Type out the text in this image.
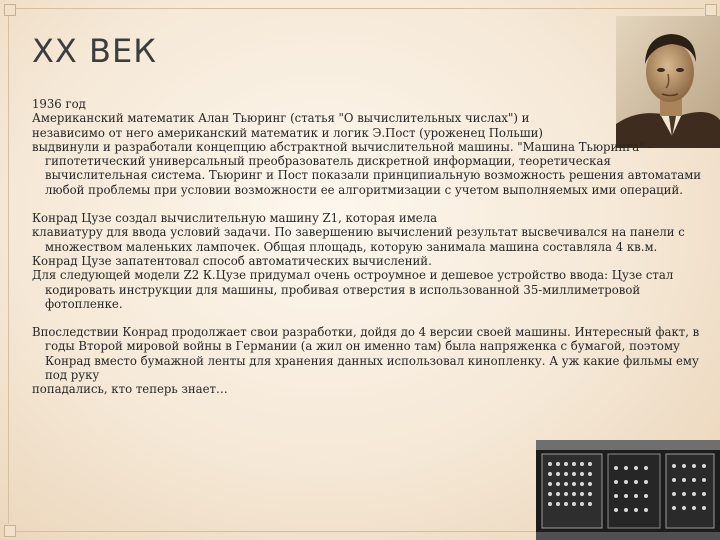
XX ВЕК

1936 год

Американский математик Алан Тьюринг (статья "О вычислительных числах") и

независимо от него американский математик и логик Э.Пост (уроженец Польши)

выдвинули и разработали концепцию абстрактной вычислительной машины. "Машина Тьюринга" - гипотетический универсальный преобразователь дискретной информации, теоретическая вычислительная система. Тьюринг и Пост показали принципиальную возможность решения автоматами любой проблемы при условии возможности ее алгоритмизации с учетом выполняемых ими операций.

Конрад Цузе создал вычислительную машину Z1, которая имела

клавиатуру для ввода условий задачи. По завершению вычислений результат высвечивался на панели с множеством маленьких лампочек. Общая площадь, которую занимала машина составляла 4 кв.м.

Конрад Цузе запатентовал способ автоматических вычислений.

Для следующей модели Z2 К.Цузе придумал очень остроумное и дешевое устройство ввода: Цузе стал кодировать инструкции для машины, пробивая отверстия в использованной 35-миллиметровой фотопленке.

Впоследствии Конрад продолжает свои разработки, дойдя до 4 версии своей машины. Интересный факт, в годы Второй мировой войны в Германии (а жил он именно там) была напряженка с бумагой, поэтому Конрад вместо бумажной ленты для хранения данных использовал кинопленку. А уж какие фильмы ему под руку

попадались, кто теперь знает…
